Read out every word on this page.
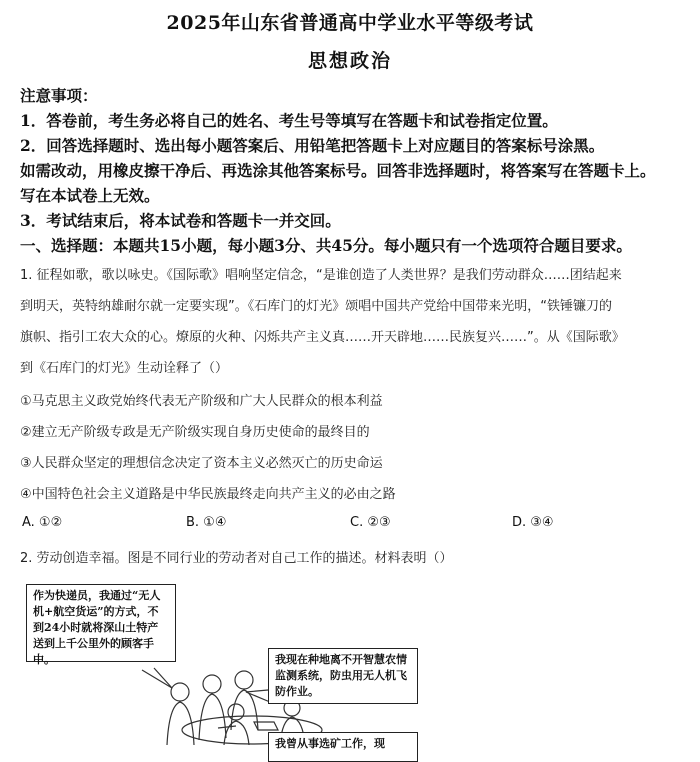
2025年山东省普通高中学业水平等级考试
思想政治
注意事项：
1．答卷前，考生务必将自己的姓名、考生号等填写在答题卡和试卷指定位置。
2．回答选择题时、选出每小题答案后、用铅笔把答题卡上对应题目的答案标号涂黑。
如需改动，用橡皮擦干净后、再选涂其他答案标号。回答非选择题时，将答案写在答题卡上。
写在本试卷上无效。
3．考试结束后，将本试卷和答题卡一并交回。
一、选择题：本题共15小题，每小题3分、共45分。每小题只有一个选项符合题目要求。
1. 征程如歌，歌以咏史。《国际歌》唱响坚定信念，“是谁创造了人类世界？是我们劳动群众……团结起来
到明天，英特纳雄耐尔就一定要实现”。《石库门的灯光》颂唱中国共产党给中国带来光明，“铁锤镰刀的
旗帜、指引工农大众的心。燎原的火种、闪烁共产主义真……开天辟地……民族复兴……”。从《国际歌》
到《石库门的灯光》生动诠释了（）
①马克思主义政党始终代表无产阶级和广大人民群众的根本利益
②建立无产阶级专政是无产阶级实现自身历史使命的最终目的
③人民群众坚定的理想信念决定了资本主义必然灭亡的历史命运
④中国特色社会主义道路是中华民族最终走向共产主义的必由之路
A. ①②	B. ①④	C. ②③	D. ③④
2. 劳动创造幸福。图是不同行业的劳动者对自己工作的描述。材料表明（）
作为快递员，我通过“无人机+航空货运”的方式，不到24小时就将深山土特产送到上千公里外的顾客手中。	我现在种地离不开智慧农情监测系统，防虫用无人机飞防作业。
我曾从事选矿工作，现
